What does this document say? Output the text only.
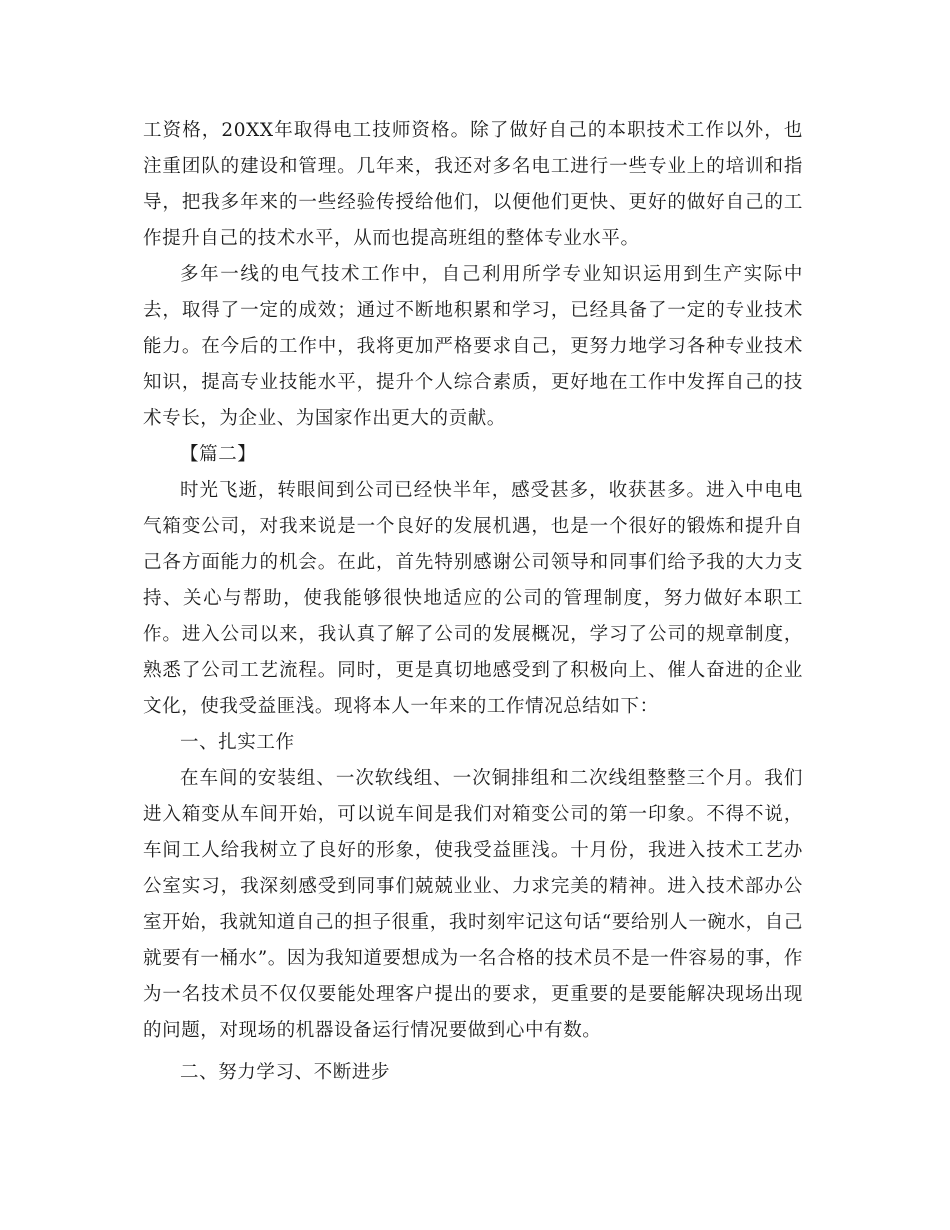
工资格，20XX年取得电工技师资格。除了做好自己的本职技术工作以外，也注重团队的建设和管理。几年来，我还对多名电工进行一些专业上的培训和指导，把我多年来的一些经验传授给他们，以便他们更快、更好的做好自己的工作提升自己的技术水平，从而也提高班组的整体专业水平。

多年一线的电气技术工作中，自己利用所学专业知识运用到生产实际中去，取得了一定的成效；通过不断地积累和学习，已经具备了一定的专业技术能力。在今后的工作中，我将更加严格要求自己，更努力地学习各种专业技术知识，提高专业技能水平，提升个人综合素质，更好地在工作中发挥自己的技术专长，为企业、为国家作出更大的贡献。

【篇二】

时光飞逝，转眼间到公司已经快半年，感受甚多，收获甚多。进入中电电气箱变公司，对我来说是一个良好的发展机遇，也是一个很好的锻炼和提升自己各方面能力的机会。在此，首先特别感谢公司领导和同事们给予我的大力支持、关心与帮助，使我能够很快地适应的公司的管理制度，努力做好本职工作。进入公司以来，我认真了解了公司的发展概况，学习了公司的规章制度，熟悉了公司工艺流程。同时，更是真切地感受到了积极向上、催人奋进的企业文化，使我受益匪浅。现将本人一年来的工作情况总结如下：

一、扎实工作

在车间的安装组、一次软线组、一次铜排组和二次线组整整三个月。我们进入箱变从车间开始，可以说车间是我们对箱变公司的第一印象。不得不说，车间工人给我树立了良好的形象，使我受益匪浅。十月份，我进入技术工艺办公室实习，我深刻感受到同事们兢兢业业、力求完美的精神。进入技术部办公室开始，我就知道自己的担子很重，我时刻牢记这句话“要给别人一碗水，自己就要有一桶水”。因为我知道要想成为一名合格的技术员不是一件容易的事，作为一名技术员不仅仅要能处理客户提出的要求，更重要的是要能解决现场出现的问题，对现场的机器设备运行情况要做到心中有数。

二、努力学习、不断进步
